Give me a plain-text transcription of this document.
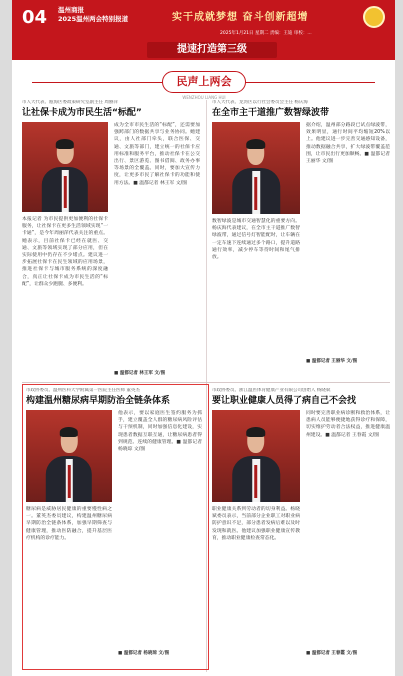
04 温州商报
2025温州两会特别报道	实干成就梦想 奋斗创新超增
2025年1月21日 星期二 责编：王迪 审校：...
提速打造第三级
民声上两会
WENZHOU LIANG HUI
市人大代表、瓯海区委政策研究室副主任 周丽萍
让社保卡成为市民生活“标配”
本报记者 为市民提供更加便利的社保卡服务，让社保卡在更多生活领域实现“一卡通”，是今年周丽萍代表关注的重点。她表示，目前社保卡已经在就医、交通、文旅等领域实现了部分应用，但在实际使用中仍存在不少堵点。建议进一步拓展社保卡在民生领域的应用场景，推进社保卡与城市服务系统的深度融合，真正让社保卡成为市民生活的“标配”，让群众少跑腿、多便利。
成为全市市民生活的“标配”，还需要加强跨部门的数据共享与业务协同。她建议，由人社部门牵头，联合医保、交通、文旅等部门，建立统一的社保卡应用标准和服务平台，推动社保卡在公交出行、景区游览、图书借阅、政务办事等场景的全覆盖。同时，要加大宣传力度，让更多市民了解社保卡的功能和使用方法。■ 温都记者 林王军 文/图
■ 温都记者 林王军 文/图
市人大代表、龙湾区以行社会委员会主任 杨庆海
在全市主干道推广数智绿波带
数智绿波是城市交通智慧化的重要方向。杨庆海代表建议，在全市主干道推广数智绿波带，通过信号灯智能配时，让车辆在一定车速下连续通过多个路口，提升道路通行效率，减少停车等待时间和尾气排放。
据介绍，温州部分路段已试点绿波带，效果明显，通行时间平均缩短20%以上。他建议进一步完善交通感知设备，推动数据融合共享，扩大绿波带覆盖范围，让市民出行更加顺畅。■ 温都记者 王丽华 文/图
■ 温都记者 王丽华 文/图
市政协委员、温州医科大学附属第一医院主任医师 董英杰
构建温州糖尿病早期防治全链条体系
糖尿病是威胁居民健康的重要慢性病之一。董英杰委员建议，构建温州糖尿病早期防治全链条体系，加强早期筛查与健康管理，推动医防融合，提升基层医疗机构的诊疗能力。
他表示，要以家庭医生签约服务为抓手，建立覆盖全人群的糖尿病风险评估与干预机制，同时加强信息化建设，实现患者数据互联互通，让糖尿病患者得到规范、连续的健康管理。■ 温都记者 杨晓琼 文/图
■ 温都记者 杨晓琼 文/图
市政协委员、浙江温医体育健康产业有限公司创始人 杨晓斌
要让职业健康人员得了病自己不会找
职业健康关系到劳动者的切身利益。杨晓斌委员表示，当前部分企业职工对职业病防护意识不足，部分患者发病后难以及时发现和就医。他建议加强职业健康宣传教育，推动职业健康检查常态化。
同时要完善职业病诊断和救治体系，让患病人员能够便捷地获得诊疗和保障，切实维护劳动者合法权益，推进健康温州建设。■ 温都记者 王春霞 文/图
■ 温都记者 王春霞 文/图
